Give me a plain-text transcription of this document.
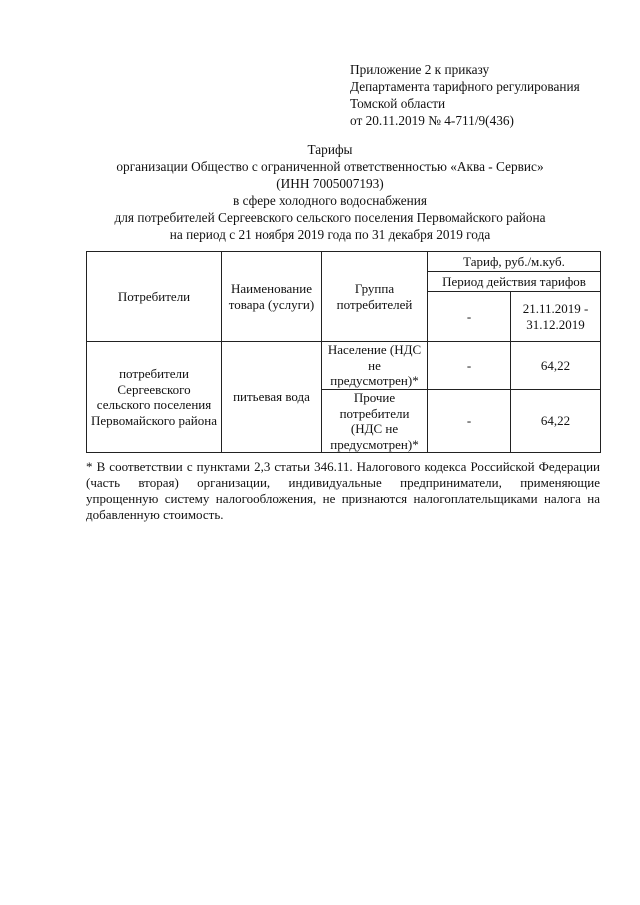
Приложение 2 к приказу
Департамента тарифного регулирования
Томской области
от 20.11.2019 № 4-711/9(436)
Тарифы
организации Общество с ограниченной ответственностью «Аква - Сервис»
(ИНН 7005007193)
в сфере холодного водоснабжения
для потребителей Сергеевского сельского поселения Первомайского района
на период с 21 ноября 2019 года по 31 декабря 2019 года
Потребители	Наименование товара (услуги)	Группа потребителей	Тариф, руб./м.куб.	
			Период действия тарифов	
			-	21.11.2019 - 31.12.2019
потребители Сергеевского сельского поселения Первомайского района	питьевая вода	Население (НДС не предусмотрен)*	-	64,22
		Прочие потребители (НДС не предусмотрен)*	-	64,22
* В соответствии с пунктами 2,3 статьи 346.11. Налогового кодекса Российской Федерации (часть вторая) организации, индивидуальные предприниматели, применяющие упрощенную систему налогообложения, не признаются налогоплательщиками налога на добавленную стоимость.
